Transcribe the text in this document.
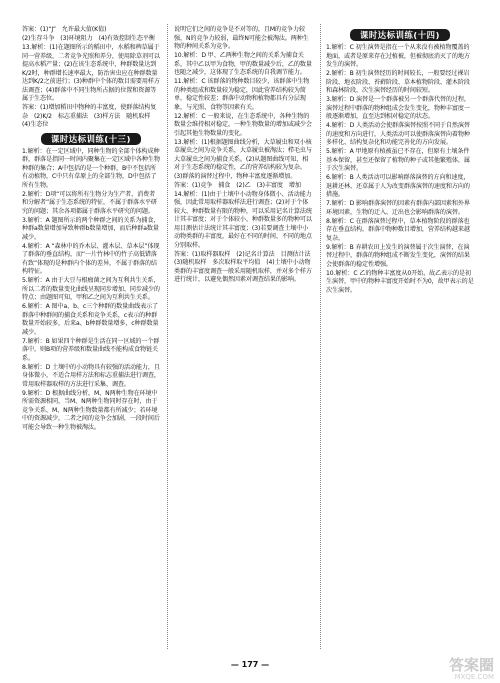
答案：(1)“J”　允许最大值(K值)
(2)生存斗争　(3)环境阻力　(4)有效控制生态平衡
13.解析：(1)在题图所示的稻田中，水稻和稗草属于同一营养级，二者竞争光照和养分，使用除草剂可以提高水稻产量；(2)在该生态系统中，种群数量达到K/2时，种群增长速率最大，防治害虫应在种群数量达到K/2之前进行；(3)种群中个体的数目需要用样方法调查；(4)群落中不同生物所占据的位置和资源等属于生态位。
答案：(1)增加稻田中物种的丰富度，使群落结构复杂　(2)K/2　标志重捕法　(3)样方法　随机取样　(4)生态位
课时达标训练(十三)
1.解析：在一定区域中，同种生物的全部个体构成种群，群落是指同一时间内聚集在一定区域中各种生物种群的集合；A中包括的是一个种群，B中不包括所有动植物，C中只有草原上的全部生物，D中包括了所有生物。
2.解析：D项“可以将所有生物分为生产者、消费者和分解者”属于生态系统的特征，不属于群落水平研究的问题；其余各项都属于群落水平研究的问题。
3.解析：A 题图所示的两个种群之间的关系为捕食，种群a数量增加导致种群b数量增加，而后种群a数量减少。
4.解析：A “森林中的乔木层、灌木层、草本层”体现了群落的垂直结构，而“一片竹林中的竹子高低错落有致”体现的是种群内个体的差异，不属于群落的结构特征。
5.解析：A 由于大豆与根瘤菌之间为互利共生关系，所以二者的数量变化曲线呈现同步增加、同步减少的特点；由题图可知，甲和乙之间为互利共生关系。
6.解析：A 图中a、b、c三个种群的数量曲线表示了群落中种群间的捕食关系和竞争关系，c表示的种群数量开始较多，后来a、b种群数量增多，c种群数量减少。
7.解析：B 如果四个种群是生活在同一区域的一个群落中，则B项的营养级和数量曲线不能构成食物链关系。
8.解析：D 土壤中的小动物具有较强的活动能力，且身体微小，不适合用样方法和标志重捕法进行调查，常用取样器取样的方法进行采集、调查。
9.解析：D 根据曲线分析，M、N两种生物在环境中所需资源相同，当M、N两种生物同时存在时，由于竞争关系，M、N两种生物数量都有所减少；若环境中的资源减少，二者之间的竞争会加剧，一段时间后可能会导致一种生物被淘汰。
说明它们之间的竞争是不对等的，且M的竞争力较强，N的竞争力较弱，最终N可能会被淘汰。两种生物的种间关系为竞争。
10.解析：D 甲、乙两种生物之间的关系为捕食关系，其中乙以甲为食物，甲的数量减少后，乙的数量也随之减少，这体现了生态系统的自我调节能力。
11.解析：C 该群落的物种数目较少，该群落中生物的种类组成和数量较为稳定，因此营养结构较为简单，稳定性较差；群落中动物和植物都具有分层现象，与光照、食物等因素有关。
12.解析：C 一般来说，在生态系统中，各种生物的数量会维持相对稳定，一种生物数量的增加或减少会引起其他生物数量的变化。
13.解析：(1)根据题图曲线分析，大草履虫和双小核草履虫之间为竞争关系，大草履虫被淘汰；栉毛虫与大草履虫之间为捕食关系。(2)从题图曲线可知，相对于生态系统的稳定性，乙的营养结构较为复杂。(3)群落的演替过程中，物种丰富度逐渐增加。
答案：(1)竞争　捕食　(2)乙　(3)丰富度　增加
14.解析：(1)由于土壤中小动物身体微小、活动能力强，因此常用取样器取样法进行调查；(2)对于个体较大、种群数量有限的物种，可以采用记名计算法统计其丰富度；对于个体较小、种群数量多的物种可以用目测估计法统计其丰富度；(3)若要调查土壤中小动物类群的丰富度，最好在不同的时间、不同的地点分别取样。
答案：(1)取样器取样　(2)记名计算法　目测估计法　(3)随机取样　多次取样取平均值　(4)土壤中小动物类群的丰富度调查一般采用随机取样，并对多个样方进行统计，以避免偶然因素对调查结果的影响。
课时达标训练(十四)
1.解析：C 初生演替是指在一个从来没有被植物覆盖的地面，或者是原来存在过植被，但被彻底消灭了的地方发生的演替。
2.解析：B 初生演替经历的时间较长，一般要经过裸岩阶段、地衣阶段、苔藓阶段、草本植物阶段、灌木阶段和森林阶段，次生演替经历的时间较短。
3.解析：D 演替是一个群落被另一个群落代替的过程，演替过程中群落的物种组成会发生变化，物种丰富度一般逐渐增加，直至达到相对稳定的状态。
4.解析：D 人类活动会使群落演替按照不同于自然演替的速度和方向进行，人类活动可以使群落演替向着物种多样化、结构复杂化和功能完善化的方向发展。
5.解析：A 甲地原有植被虽已不存在，但原有土壤条件基本保留，甚至还保留了植物的种子或其他繁殖体，属于次生演替。
6.解析：B 人类活动可以影响群落演替的方向和速度，退耕还林、还草属于人为改变群落演替的速度和方向的措施。
7.解析：D 影响群落演替的因素有群落内部因素和外界环境因素，生物的迁入、迁出也会影响群落的演替。
8.解析：C 在群落演替过程中，草本植物阶段的群落也存在垂直结构，群落中物种数目增加，营养结构越来越复杂。
9.解析：B 弃耕农田上发生的演替属于次生演替，在演替过程中，群落的物种组成不断发生变化，演替的结果会使群落的稳定性增强。
10.解析：C 乙的物种丰富度从0开始，故乙表示的是初生演替，甲中的物种丰富度开始时不为0，故甲表示的是次生演替。
— 177 —	答案圈
MXQE.COM
